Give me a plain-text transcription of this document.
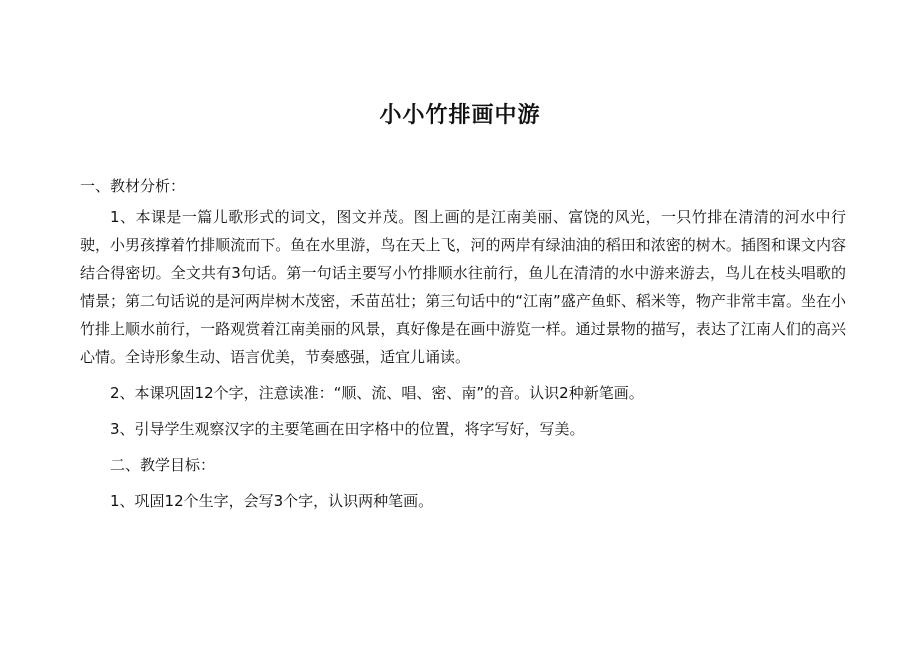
小小竹排画中游
一、教材分析：

1、本课是一篇儿歌形式的词文，图文并茂。图上画的是江南美丽、富饶的风光，一只竹排在清清的河水中行驶，小男孩撑着竹排顺流而下。鱼在水里游，鸟在天上飞，河的两岸有绿油油的稻田和浓密的树木。插图和课文内容结合得密切。全文共有3句话。第一句话主要写小竹排顺水往前行，鱼儿在清清的水中游来游去，鸟儿在枝头唱歌的情景；第二句话说的是河两岸树木茂密，禾苗茁壮；第三句话中的“江南”盛产鱼虾、稻米等，物产非常丰富。坐在小竹排上顺水前行，一路观赏着江南美丽的风景，真好像是在画中游览一样。通过景物的描写，表达了江南人们的高兴心情。全诗形象生动、语言优美，节奏感强，适宜儿诵读。

2、本课巩固12个字，注意读准：“顺、流、唱、密、南”的音。认识2种新笔画。

3、引导学生观察汉字的主要笔画在田字格中的位置，将字写好，写美。

二、教学目标：

1、巩固12个生字，会写3个字，认识两种笔画。
